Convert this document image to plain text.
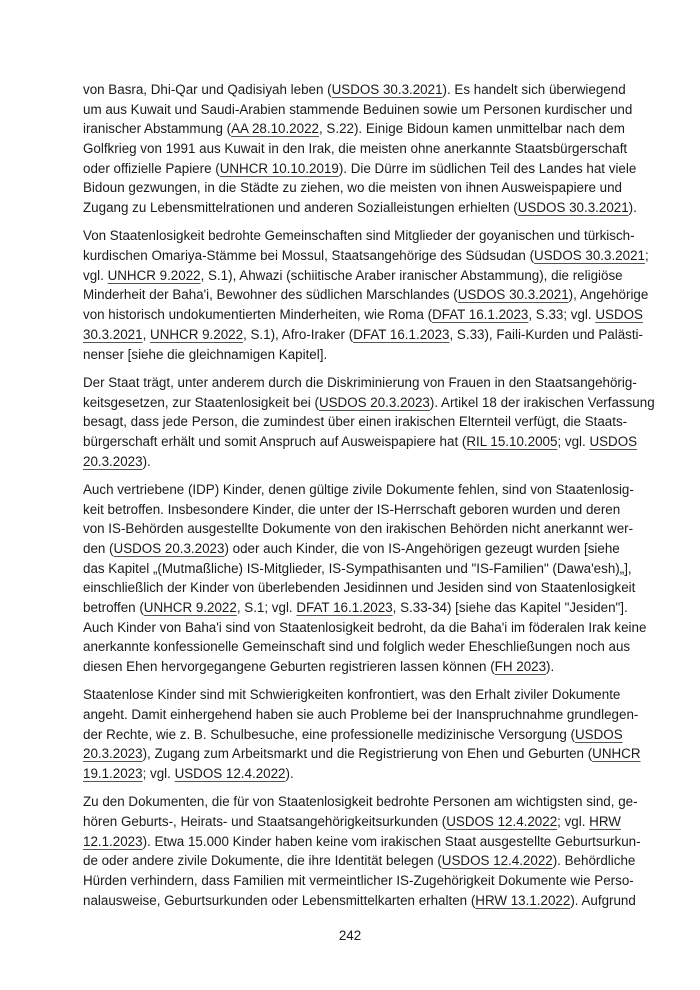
von Basra, Dhi-Qar und Qadisiyah leben (USDOS 30.3.2021). Es handelt sich überwiegend
um aus Kuwait und Saudi-Arabien stammende Beduinen sowie um Personen kurdischer und
iranischer Abstammung (AA 28.10.2022, S.22). Einige Bidoun kamen unmittelbar nach dem
Golfkrieg von 1991 aus Kuwait in den Irak, die meisten ohne anerkannte Staatsbürgerschaft
oder offizielle Papiere (UNHCR 10.10.2019). Die Dürre im südlichen Teil des Landes hat viele
Bidoun gezwungen, in die Städte zu ziehen, wo die meisten von ihnen Ausweispapiere und
Zugang zu Lebensmittelrationen und anderen Sozialleistungen erhielten (USDOS 30.3.2021).
Von Staatenlosigkeit bedrohte Gemeinschaften sind Mitglieder der goyanischen und türkisch-
kurdischen Omariya-Stämme bei Mossul, Staatsangehörige des Südsudan (USDOS 30.3.2021;
vgl. UNHCR 9.2022, S.1), Ahwazi (schiitische Araber iranischer Abstammung), die religiöse
Minderheit der Baha'i, Bewohner des südlichen Marschlandes (USDOS 30.3.2021), Angehörige
von historisch undokumentierten Minderheiten, wie Roma (DFAT 16.1.2023, S.33; vgl. USDOS
30.3.2021, UNHCR 9.2022, S.1), Afro-Iraker (DFAT 16.1.2023, S.33), Faili-Kurden und Palästi-
nenser [siehe die gleichnamigen Kapitel].
Der Staat trägt, unter anderem durch die Diskriminierung von Frauen in den Staatsangehörig-
keitsgesetzen, zur Staatenlosigkeit bei (USDOS 20.3.2023). Artikel 18 der irakischen Verfassung
besagt, dass jede Person, die zumindest über einen irakischen Elternteil verfügt, die Staats-
bürgerschaft erhält und somit Anspruch auf Ausweispapiere hat (RIL 15.10.2005; vgl. USDOS
20.3.2023).
Auch vertriebene (IDP) Kinder, denen gültige zivile Dokumente fehlen, sind von Staatenlosig-
keit betroffen. Insbesondere Kinder, die unter der IS-Herrschaft geboren wurden und deren
von IS-Behörden ausgestellte Dokumente von den irakischen Behörden nicht anerkannt wer-
den (USDOS 20.3.2023) oder auch Kinder, die von IS-Angehörigen gezeugt wurden [siehe
das Kapitel „(Mutmaßliche) IS-Mitglieder, IS-Sympathisanten und "IS-Familien" (Dawa'esh)„],
einschließlich der Kinder von überlebenden Jesidinnen und Jesiden sind von Staatenlosigkeit
betroffen (UNHCR 9.2022, S.1; vgl. DFAT 16.1.2023, S.33-34) [siehe das Kapitel "Jesiden"].
Auch Kinder von Baha'i sind von Staatenlosigkeit bedroht, da die Baha'i im föderalen Irak keine
anerkannte konfessionelle Gemeinschaft sind und folglich weder Eheschließungen noch aus
diesen Ehen hervorgegangene Geburten registrieren lassen können (FH 2023).
Staatenlose Kinder sind mit Schwierigkeiten konfrontiert, was den Erhalt ziviler Dokumente
angeht. Damit einhergehend haben sie auch Probleme bei der Inanspruchnahme grundlegen-
der Rechte, wie z. B. Schulbesuche, eine professionelle medizinische Versorgung (USDOS
20.3.2023), Zugang zum Arbeitsmarkt und die Registrierung von Ehen und Geburten (UNHCR
19.1.2023; vgl. USDOS 12.4.2022).
Zu den Dokumenten, die für von Staatenlosigkeit bedrohte Personen am wichtigsten sind, ge-
hören Geburts-, Heirats- und Staatsangehörigkeitsurkunden (USDOS 12.4.2022; vgl. HRW
12.1.2023). Etwa 15.000 Kinder haben keine vom irakischen Staat ausgestellte Geburtsurkun-
de oder andere zivile Dokumente, die ihre Identität belegen (USDOS 12.4.2022). Behördliche
Hürden verhindern, dass Familien mit vermeintlicher IS-Zugehörigkeit Dokumente wie Perso-
nalausweise, Geburtsurkunden oder Lebensmittelkarten erhalten (HRW 13.1.2022). Aufgrund
242
